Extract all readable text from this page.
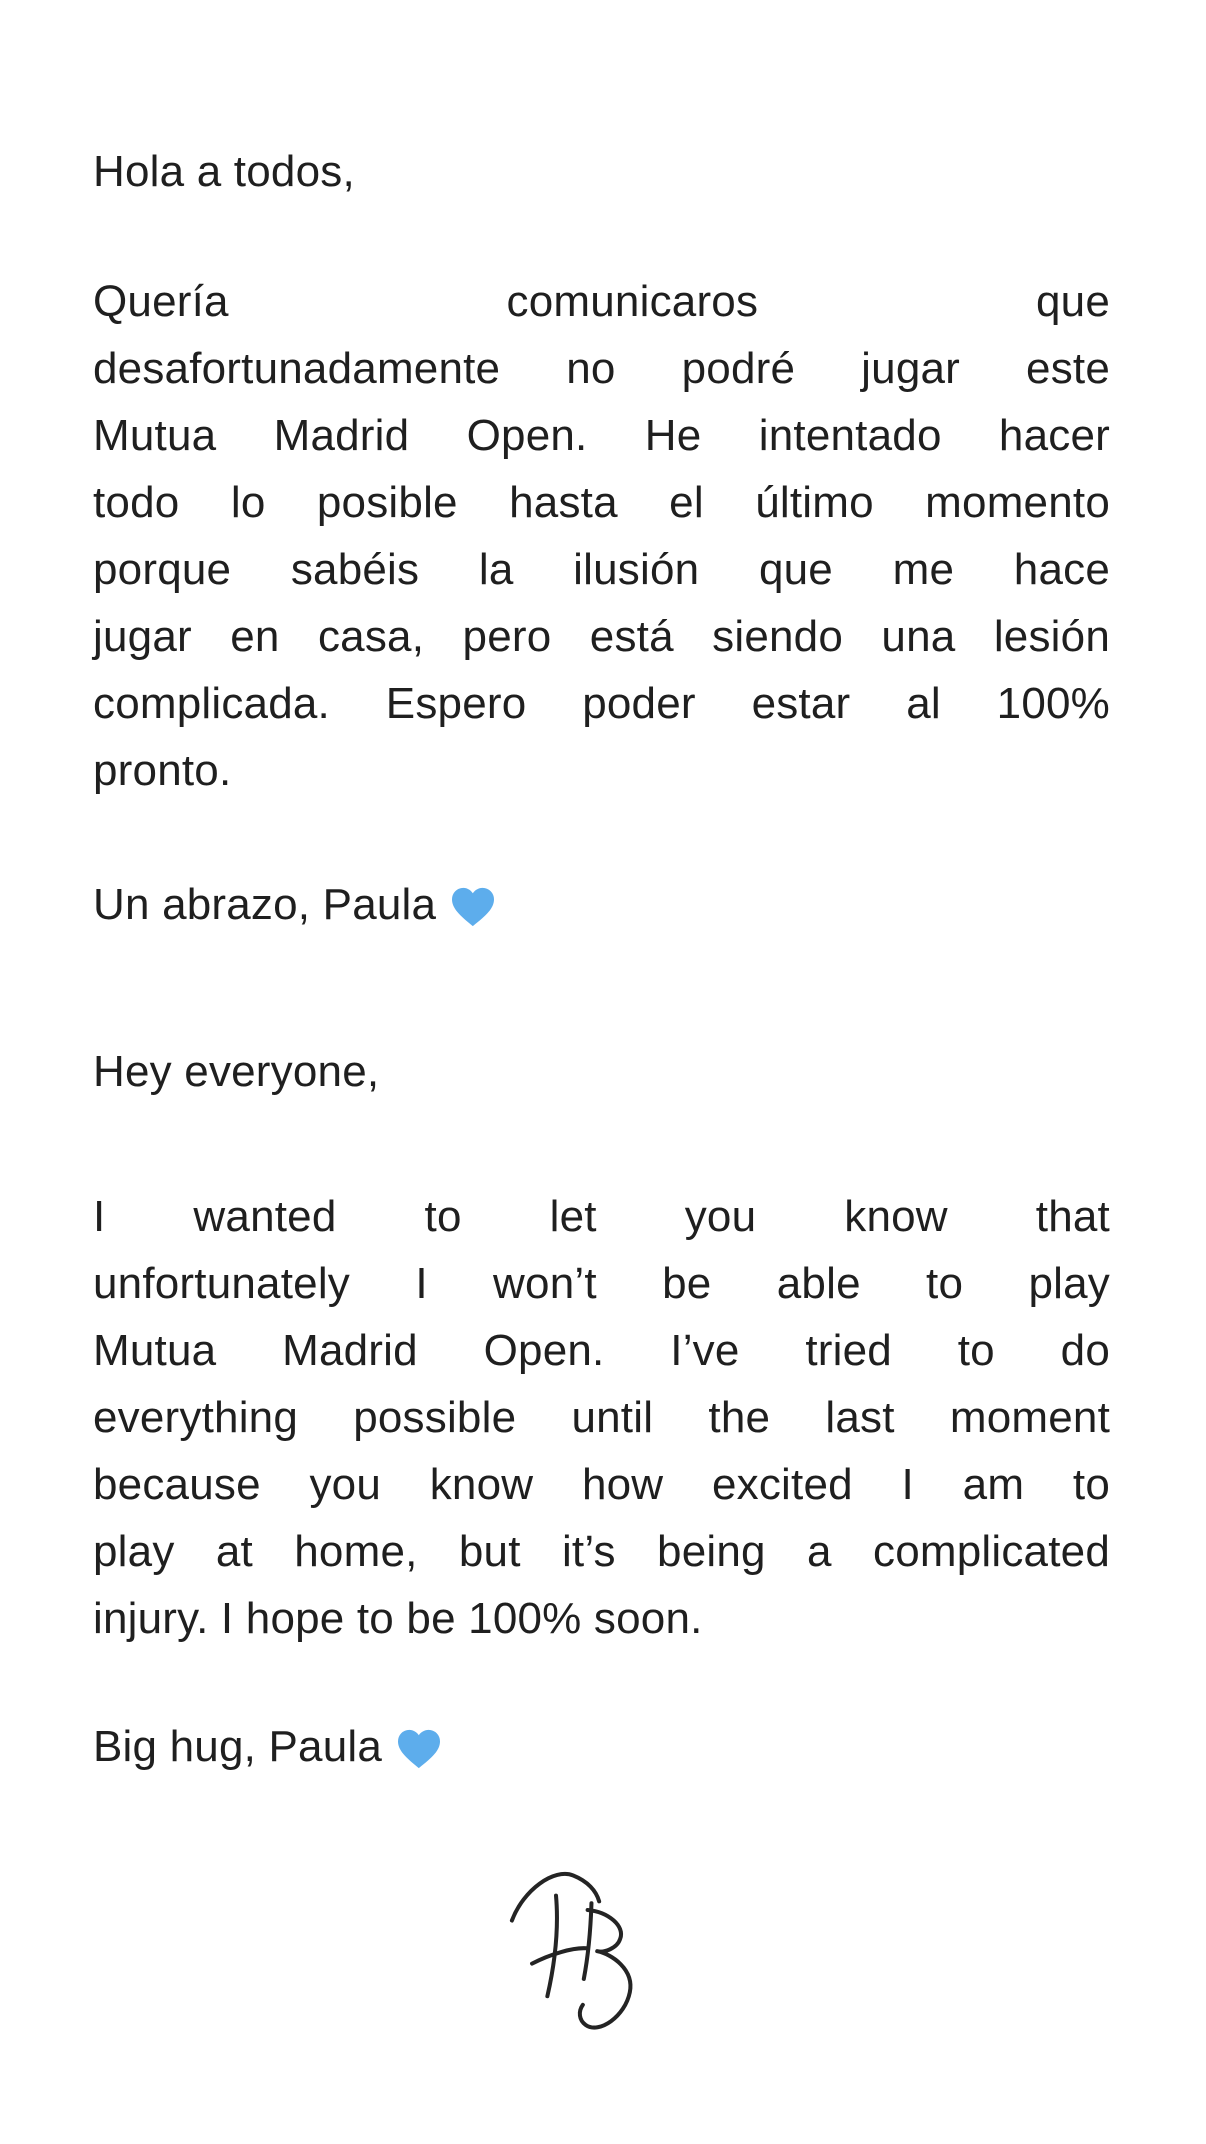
Hola a todos,
Quería comunicaros que
desafortunadamente no podré jugar este
Mutua Madrid Open. He intentado hacer
todo lo posible hasta el último momento
porque sabéis la ilusión que me hace
jugar en casa, pero está siendo una lesión
complicada. Espero poder estar al 100%
pronto.
Un abrazo, Paula
Hey everyone,
I wanted to let you know that
unfortunately I won’t be able to play
Mutua Madrid Open. I’ve tried to do
everything possible until the last moment
because you know how excited I am to
play at home, but it’s being a complicated
injury. I hope to be 100% soon.
Big hug, Paula
